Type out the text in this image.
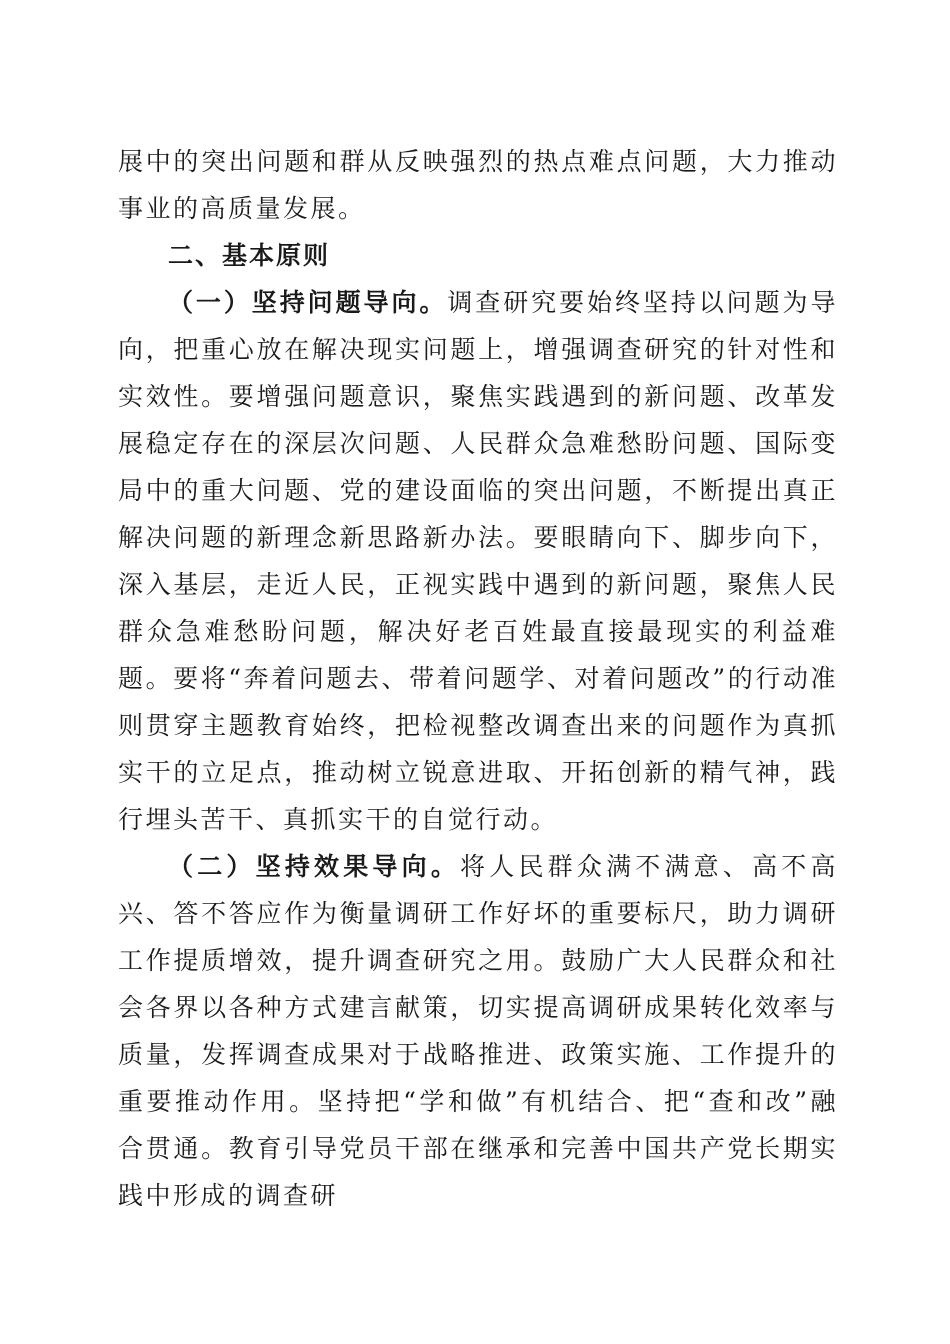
展中的突出问题和群从反映强烈的热点难点问题，大力推动事业的高质量发展。

二、基本原则

（一）坚持问题导向。调查研究要始终坚持以问题为导向，把重心放在解决现实问题上，增强调查研究的针对性和实效性。要增强问题意识，聚焦实践遇到的新问题、改革发展稳定存在的深层次问题、人民群众急难愁盼问题、国际变局中的重大问题、党的建设面临的突出问题，不断提出真正解决问题的新理念新思路新办法。要眼睛向下、脚步向下，深入基层，走近人民，正视实践中遇到的新问题，聚焦人民群众急难愁盼问题，解决好老百姓最直接最现实的利益难题。要将“奔着问题去、带着问题学、对着问题改”的行动准则贯穿主题教育始终，把检视整改调查出来的问题作为真抓实干的立足点，推动树立锐意进取、开拓创新的精气神，践行埋头苦干、真抓实干的自觉行动。

（二）坚持效果导向。将人民群众满不满意、高不高兴、答不答应作为衡量调研工作好坏的重要标尺，助力调研工作提质增效，提升调查研究之用。鼓励广大人民群众和社会各界以各种方式建言献策，切实提高调研成果转化效率与质量，发挥调查成果对于战略推进、政策实施、工作提升的重要推动作用。坚持把“学和做”有机结合、把“查和改”融合贯通。教育引导党员干部在继承和完善中国共产党长期实践中形成的调查研
